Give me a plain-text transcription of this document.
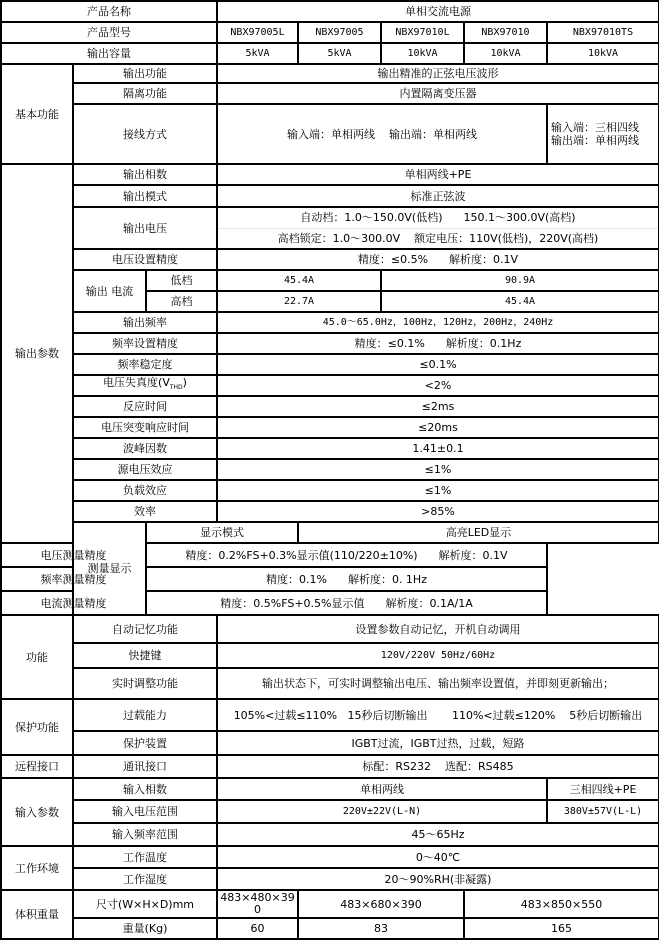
产品名称			单相交流电源				
产品型号			NBX97005L	NBX97005	NBX97010L	NBX97010	NBX97010TS
输出容量			5kVA	5kVA	10kVA	10kVA	10kVA
基本功能	输出功能		输出精准的正弦电压波形				
	隔离功能		内置隔离变压器				
	接线方式		输入端：单相两线    输出端：单相两线				输入端：三相四线
输出端：单相两线

输出参数	输出相数		单相两线+PE				
	输出模式		标准正弦波				
	输出电压		自动档：1.0～150.0V(低档)      150.1～300.0V(高档)				
			高档锁定：1.0～300.0V    额定电压：110V(低档)，220V(高档)				
	电压设置精度		精度：≤0.5%      解析度：0.1V				
	输出 电流	低档	45.4A		90.9A		
		高档	22.7A		45.4A		
	输出频率		45.0～65.0Hz，100Hz，120Hz，200Hz，240Hz				
	频率设置精度		精度：≤0.1%      解析度：0.1Hz				
	频率稳定度		≤0.1%				
	电压失真度$(V_{THD})$		<2%				
	反应时间		≤2ms				
	电压突变响应时间		≤20ms				
	波峰因数		1.41±0.1				
	源电压效应		≤1%				
	负载效应		≤1%				
	效率		>85%				
	测量显示	显示模式		高亮LED显示			
电压测量精度		精度：0.2%FS+0.3%显示值(110/220±10%)      解析度：0.1V					
频率测量精度		精度：0.1%      解析度：0. 1Hz					
电流测量精度		精度：0.5%FS+0.5%显示值      解析度：0.1A/1A					
功能	自动记忆功能		设置参数自动记忆，开机自动调用				
	快捷键		120V/220V 50Hz/60Hz				
	实时调整功能		输出状态下，可实时调整输出电压、输出频率设置值，并即刻更新输出；				
保护功能	过载能力		105%<过载≤110%   15秒后切断输出       110%<过载≤120%    5秒后切断输出				
	保护装置		IGBT过流，IGBT过热，过载，短路				
远程接口	通讯接口		标配：RS232    选配：RS485				
输入参数	输入相数		单相两线				三相四线+PE
	输入电压范围		220V±22V(L-N)				380V±57V(L-L)
	输入频率范围		45～65Hz				
工作环境	工作温度		0～40℃				
	工作湿度		20～90%RH(非凝露)				
体积重量	尺寸(W×H×D)mm		483×480×390	483×680×390		483×850×550	
	重量(Kg)		60	83		165	
